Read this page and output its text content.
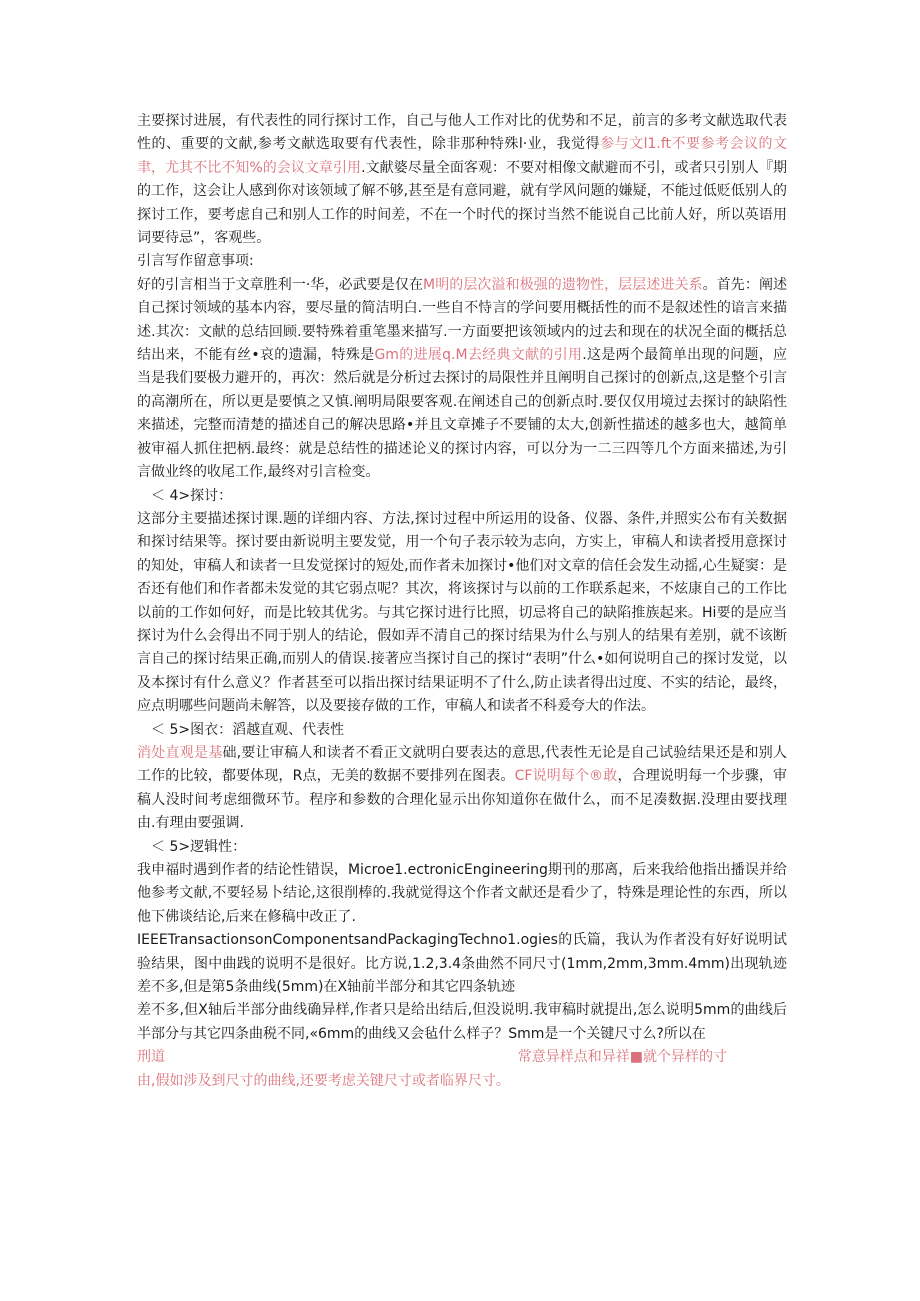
主要探讨进展，有代表性的同行探讨工作，自己与他人工作对比的优势和不足，前言的多考文献选取代表性的、重要的文献,参考文献选取要有代表性，除非那种特殊l·业，我觉得参与文l1.ft不要参考会议的文聿，尤其不比不知%的会议文章引用.文献婆尽量全面客观：不要对相像文献避而不引，或者只引别人『期的工作，这会让人感到你对该领域了解不够,甚至是有意同避，就有学风问题的嫌疑，不能过低贬低别人的探讨工作，要考虑自己和别人工作的时间差，不在一个时代的探讨当然不能说自己比前人好，所以英语用词要待忌”，客观些。

引言写作留意事项:

好的引言相当于文章胜利一·华，必武要是仅在M明的层次溢和极强的遗物性，层层述进关系。首先：阐述自己探讨领域的基本内容，要尽量的简洁明白.一些自不恃言的学问要用概括性的而不是叙述性的谙言来描述.其次：文献的总结回顾.要特殊着重笔墨来描写.一方面要把该领域内的过去和现在的状况全面的概括总结出来，不能有丝•哀的遗漏，特殊是Gm的进展q.M去经典文献的引用.这是两个最简单出现的问题，应当是我们要极力避开的，再次：然后就是分析过去探讨的局限性并且阐明自己探讨的创新点,这是整个引言的高潮所在，所以更是要慎之又慎.阐明局限要客观.在阐述自己的创新点时.要仅仅用境过去探讨的缺陷性来描述，完整而清楚的描述自己的解决思路•并且文章摊子不要铺的太大,创新性描述的越多也大，越简单被审福人抓住把柄.最终：就是总结性的描述论义的探讨内容，可以分为一二三四等几个方面来描述,为引言做业终的收尾工作,最终对引言检变。

＜ 4>探讨：

这部分主要描述探讨课.题的详细内容、方法,探讨过程中所运用的设备、仪器、条件,并照实公布有关数据和探讨结果等。探讨要由新说明主要发觉，用一个句子表示较为志向，方实上，审稿人和读者授用意探讨的知处，审稿人和读者一旦发觉探讨的短处,而作者未加探讨•他们对文章的信任会发生动摇,心生疑窦：是否还有他们和作者都未发觉的其它弱点呢？其次，将该探讨与以前的工作联系起来，不炫康自己的工作比以前的工作如何好，而是比较其优劣。与其它探讨进行比照，切忌将自己的缺陷推族起来。Hi要的是应当探讨为什么会得出不同于别人的结论，假如弄不清自己的探讨结果为什么与别人的结果有差别，就不该断言自己的探讨结果正确,而别人的倩误.接著应当探讨自己的探讨“表明”什么•如何说明自己的探讨发觉，以及本探讨有什么意义？作者甚至可以指出探讨结果证明不了什么,防止读者得出过度、不实的结论，最终，应点明哪些问题尚未解答，以及要接存做的工作，审稿人和读者不科爰夸大的作法。

＜ 5>图衣：滔越直观、代表性

消处直观是基础,要让审稿人和读者不看正文就明白要表达的意思,代表性无论是自己试验结果还是和别人工作的比较，都要体现，R点，无美的数据不要排列在图表。CF说明每个®敢，合理说明每一个步骤，审稿人没时间考虑细微环节。程序和参数的合理化显示出你知道你在做什么，而不足凑数据.没理由要找理由.有理由要强调.

＜ 5>逻辑性：

我申福时遇到作者的结论性错误，Microe1.ectronicEngineering期刊的那离，后来我给他指出播误并给他参考文献,不要轻易卜结论,这很削棒的.我就觉得这个作者文献还是看少了，特殊是理论性的东西，所以他下佛谈结论,后来在修稿中改正了.

IEEETransactionsonComponentsandPackagingTechno1.ogies的氏篇，我认为作者没有好好说明试验结果，图中曲践的说明不是很好。比方说,1.2,3.4条曲然不同尺寸(1mm,2mm,3mm.4mm)出现轨迹差不多,但是第5条曲线(5mm)在X轴前半部分和其它四条轨迹

差不多,但X轴后半部分曲线确异样,作者只是给出结后,但没说明.我审稿时就提出,怎么说明5mm的曲线后半部分与其它四条曲税不同,«6mm的曲线又会毡什么样子？Smm是一个关键尺寸么?所以在

刑道	常意异样点和异祥■就个异样的寸

由,假如涉及到尺寸的曲线,还要考虑关键尺寸或者临界尺寸。
